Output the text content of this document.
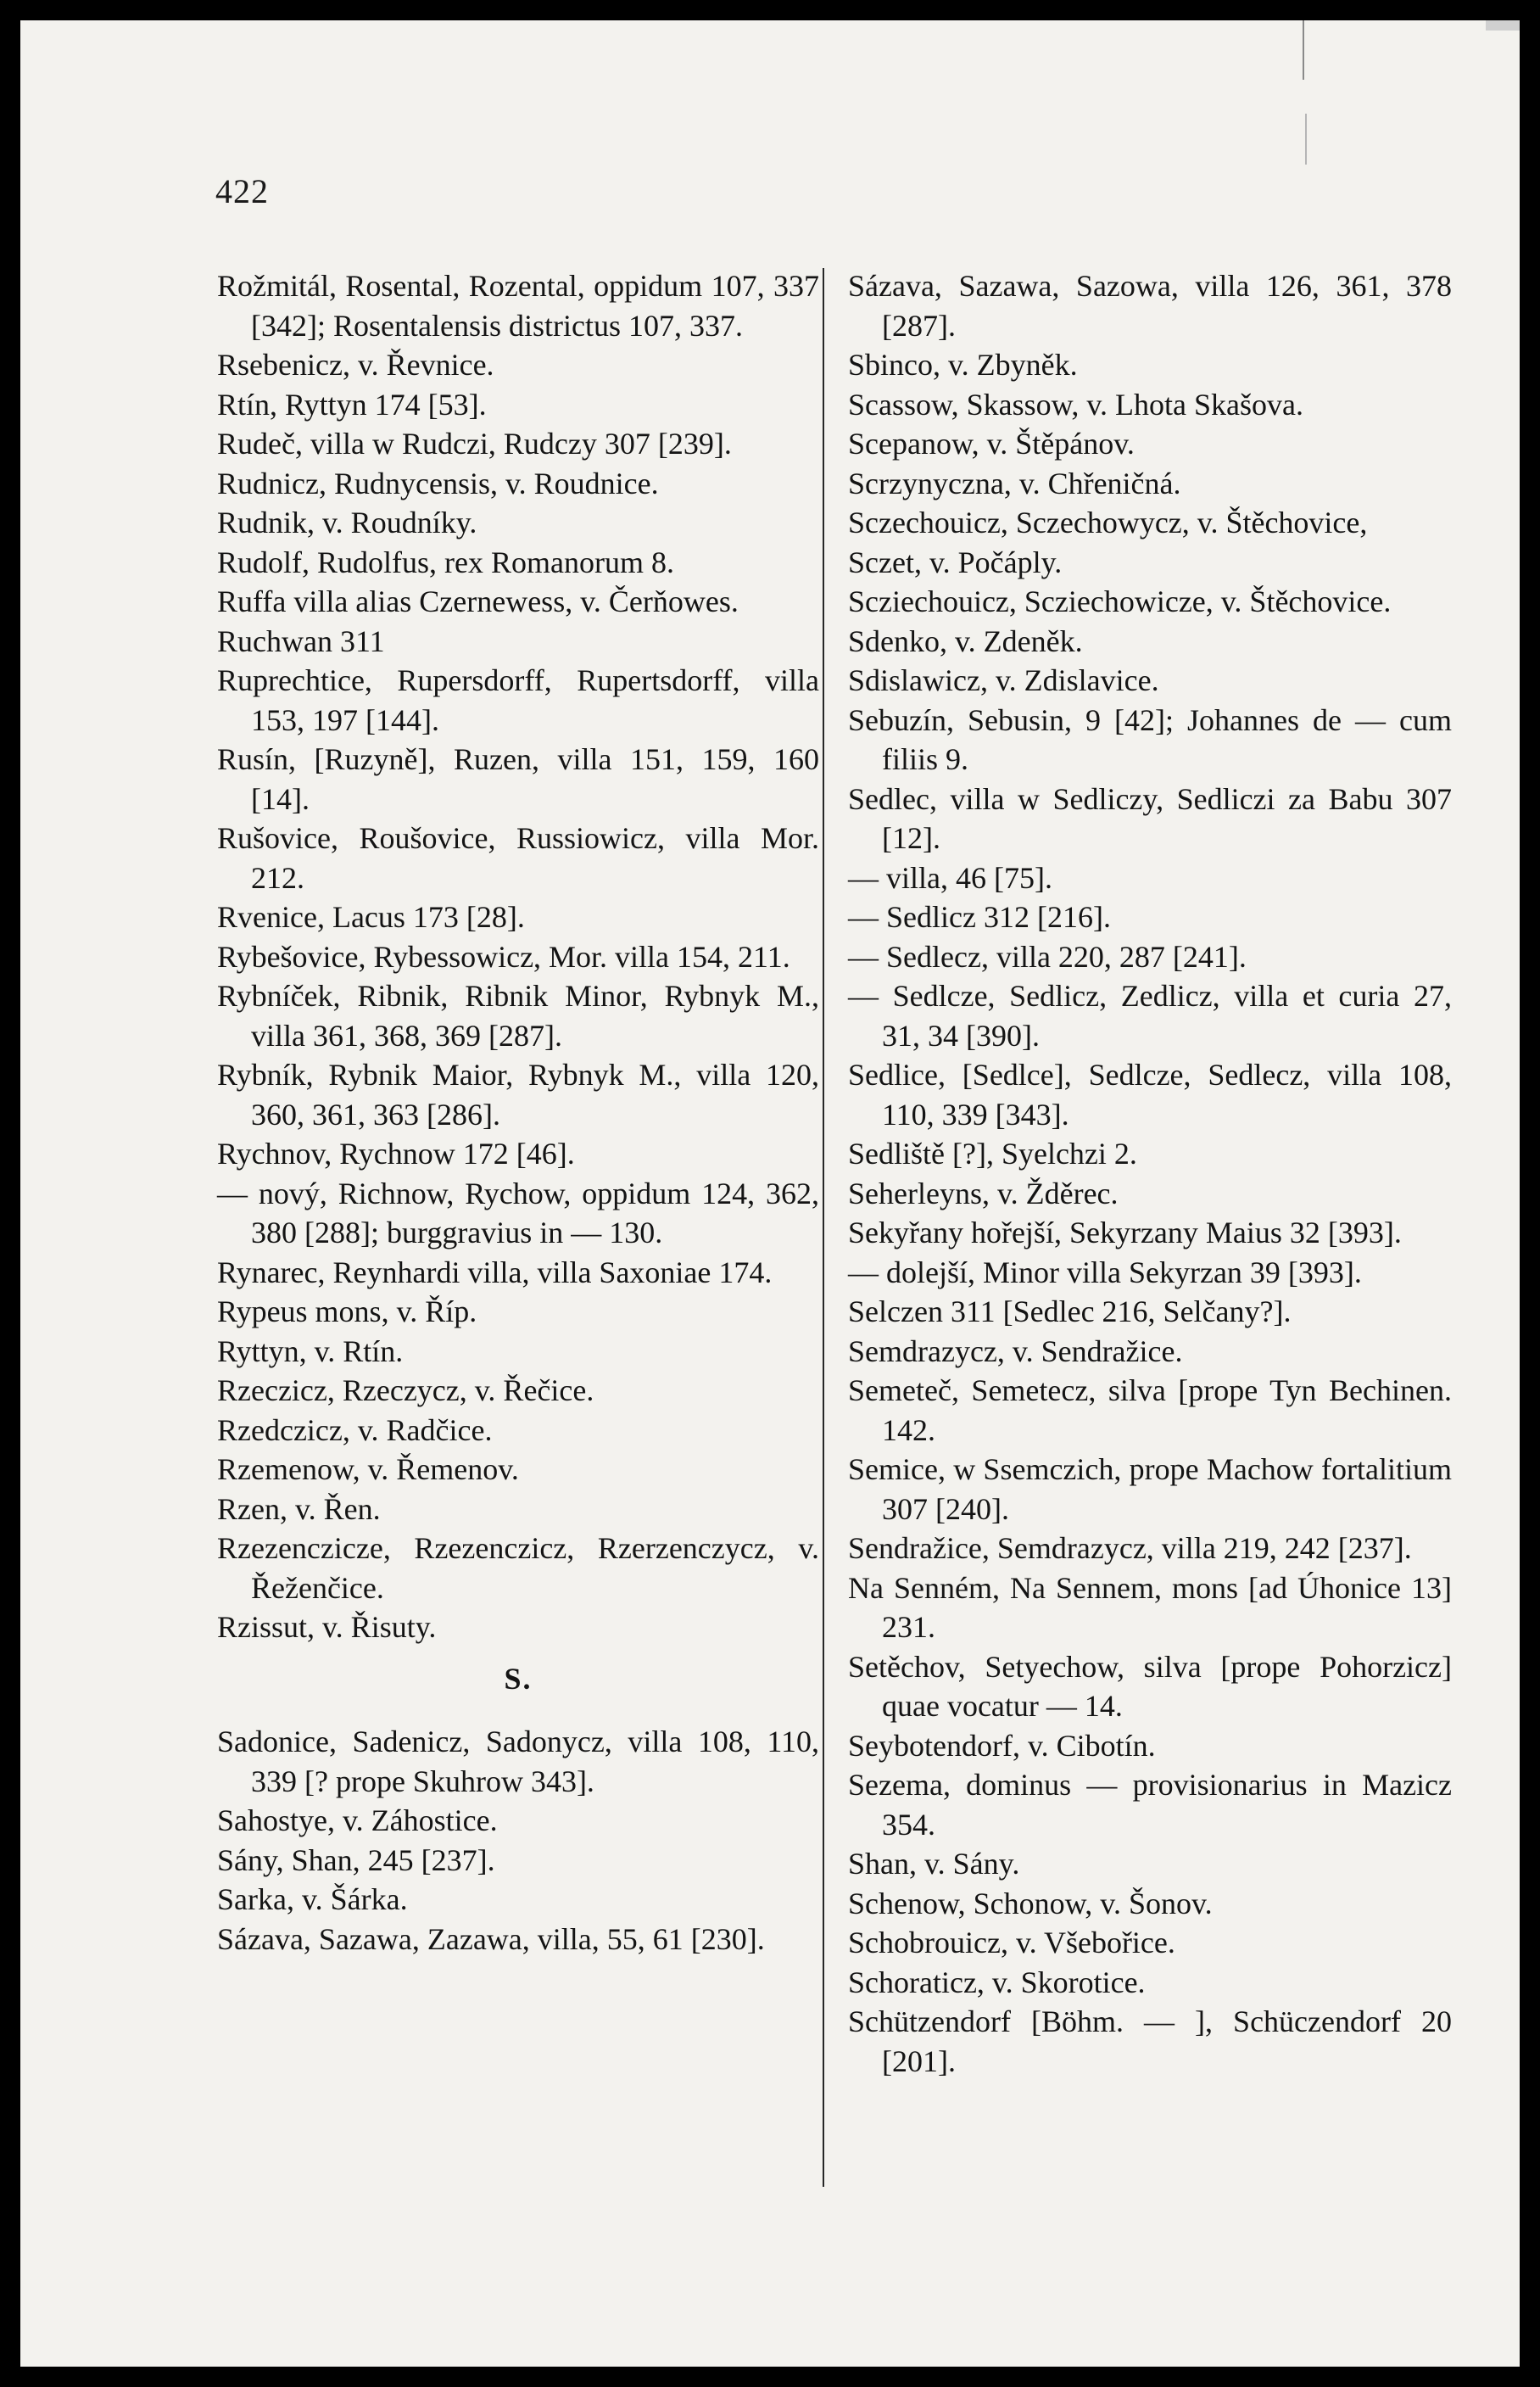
422
Rožmitál, Rosental, Rozental, oppidum 107, 337 [342]; Rosentalensis districtus 107, 337.
Rsebenicz, v. Řevnice.
Rtín, Ryttyn 174 [53].
Rudeč, villa w Rudczi, Rudczy 307 [239].
Rudnicz, Rudnycensis, v. Roudnice.
Rudnik, v. Roudníky.
Rudolf, Rudolfus, rex Romanorum 8.
Ruffa villa alias Czernewess, v. Čerňowes.
Ruchwan 311
Ruprechtice, Rupersdorff, Rupertsdorff, villa 153, 197 [144].
Rusín, [Ruzyně], Ruzen, villa 151, 159, 160 [14].
Rušovice, Roušovice, Russiowicz, villa Mor. 212.
Rvenice, Lacus 173 [28].
Rybešovice, Rybessowicz, Mor. villa 154, 211.
Rybníček, Ribnik, Ribnik Minor, Rybnyk M., villa 361, 368, 369 [287].
Rybník, Rybnik Maior, Rybnyk M., villa 120, 360, 361, 363 [286].
Rychnov, Rychnow 172 [46].
— nový, Richnow, Rychow, oppidum 124, 362, 380 [288]; burggravius in — 130.
Rynarec, Reynhardi villa, villa Saxoniae 174.
Rypeus mons, v. Říp.
Ryttyn, v. Rtín.
Rzeczicz, Rzeczycz, v. Řečice.
Rzedczicz, v. Radčice.
Rzemenow, v. Řemenov.
Rzen, v. Řen.
Rzezenczicze, Rzezenczicz, Rzerzenczycz, v. Řeženčice.
Rzissut, v. Řisuty.
S.
Sadonice, Sadenicz, Sadonycz, villa 108, 110, 339 [? prope Skuhrow 343].
Sahostye, v. Záhostice.
Sány, Shan, 245 [237].
Sarka, v. Šárka.
Sázava, Sazawa, Zazawa, villa, 55, 61 [230].
Sázava, Sazawa, Sazowa, villa 126, 361, 378 [287].
Sbinco, v. Zbyněk.
Scassow, Skassow, v. Lhota Skašova.
Scepanow, v. Štěpánov.
Scrzynyczna, v. Chřeničná.
Sczechouicz, Sczechowycz, v. Štěchovice,
Sczet, v. Počáply.
Scziechouicz, Scziechowicze, v. Štěchovice.
Sdenko, v. Zdeněk.
Sdislawicz, v. Zdislavice.
Sebuzín, Sebusin, 9 [42]; Johannes de — cum filiis 9.
Sedlec, villa w Sedliczy, Sedliczi za Babu 307 [12].
— villa, 46 [75].
— Sedlicz 312 [216].
— Sedlecz, villa 220, 287 [241].
— Sedlcze, Sedlicz, Zedlicz, villa et curia 27, 31, 34 [390].
Sedlice, [Sedlce], Sedlcze, Sedlecz, villa 108, 110, 339 [343].
Sedliště [?], Syelchzi 2.
Seherleyns, v. Žděrec.
Sekyřany hořejší, Sekyrzany Maius 32 [393].
— dolejší, Minor villa Sekyrzan 39 [393].
Selczen 311 [Sedlec 216, Selčany?].
Semdrazycz, v. Sendražice.
Semeteč, Semetecz, silva [prope Tyn Bechinen. 142.
Semice, w Ssemczich, prope Machow fortalitium 307 [240].
Sendražice, Semdrazycz, villa 219, 242 [237].
Na Senném, Na Sennem, mons [ad Úhonice 13] 231.
Setěchov, Setyechow, silva [prope Pohorzicz] quae vocatur — 14.
Seybotendorf, v. Cibotín.
Sezema, dominus — provisionarius in Mazicz 354.
Shan, v. Sány.
Schenow, Schonow, v. Šonov.
Schobrouicz, v. Všebořice.
Schoraticz, v. Skorotice.
Schützendorf [Böhm. — ], Schüczendorf 20 [201].
